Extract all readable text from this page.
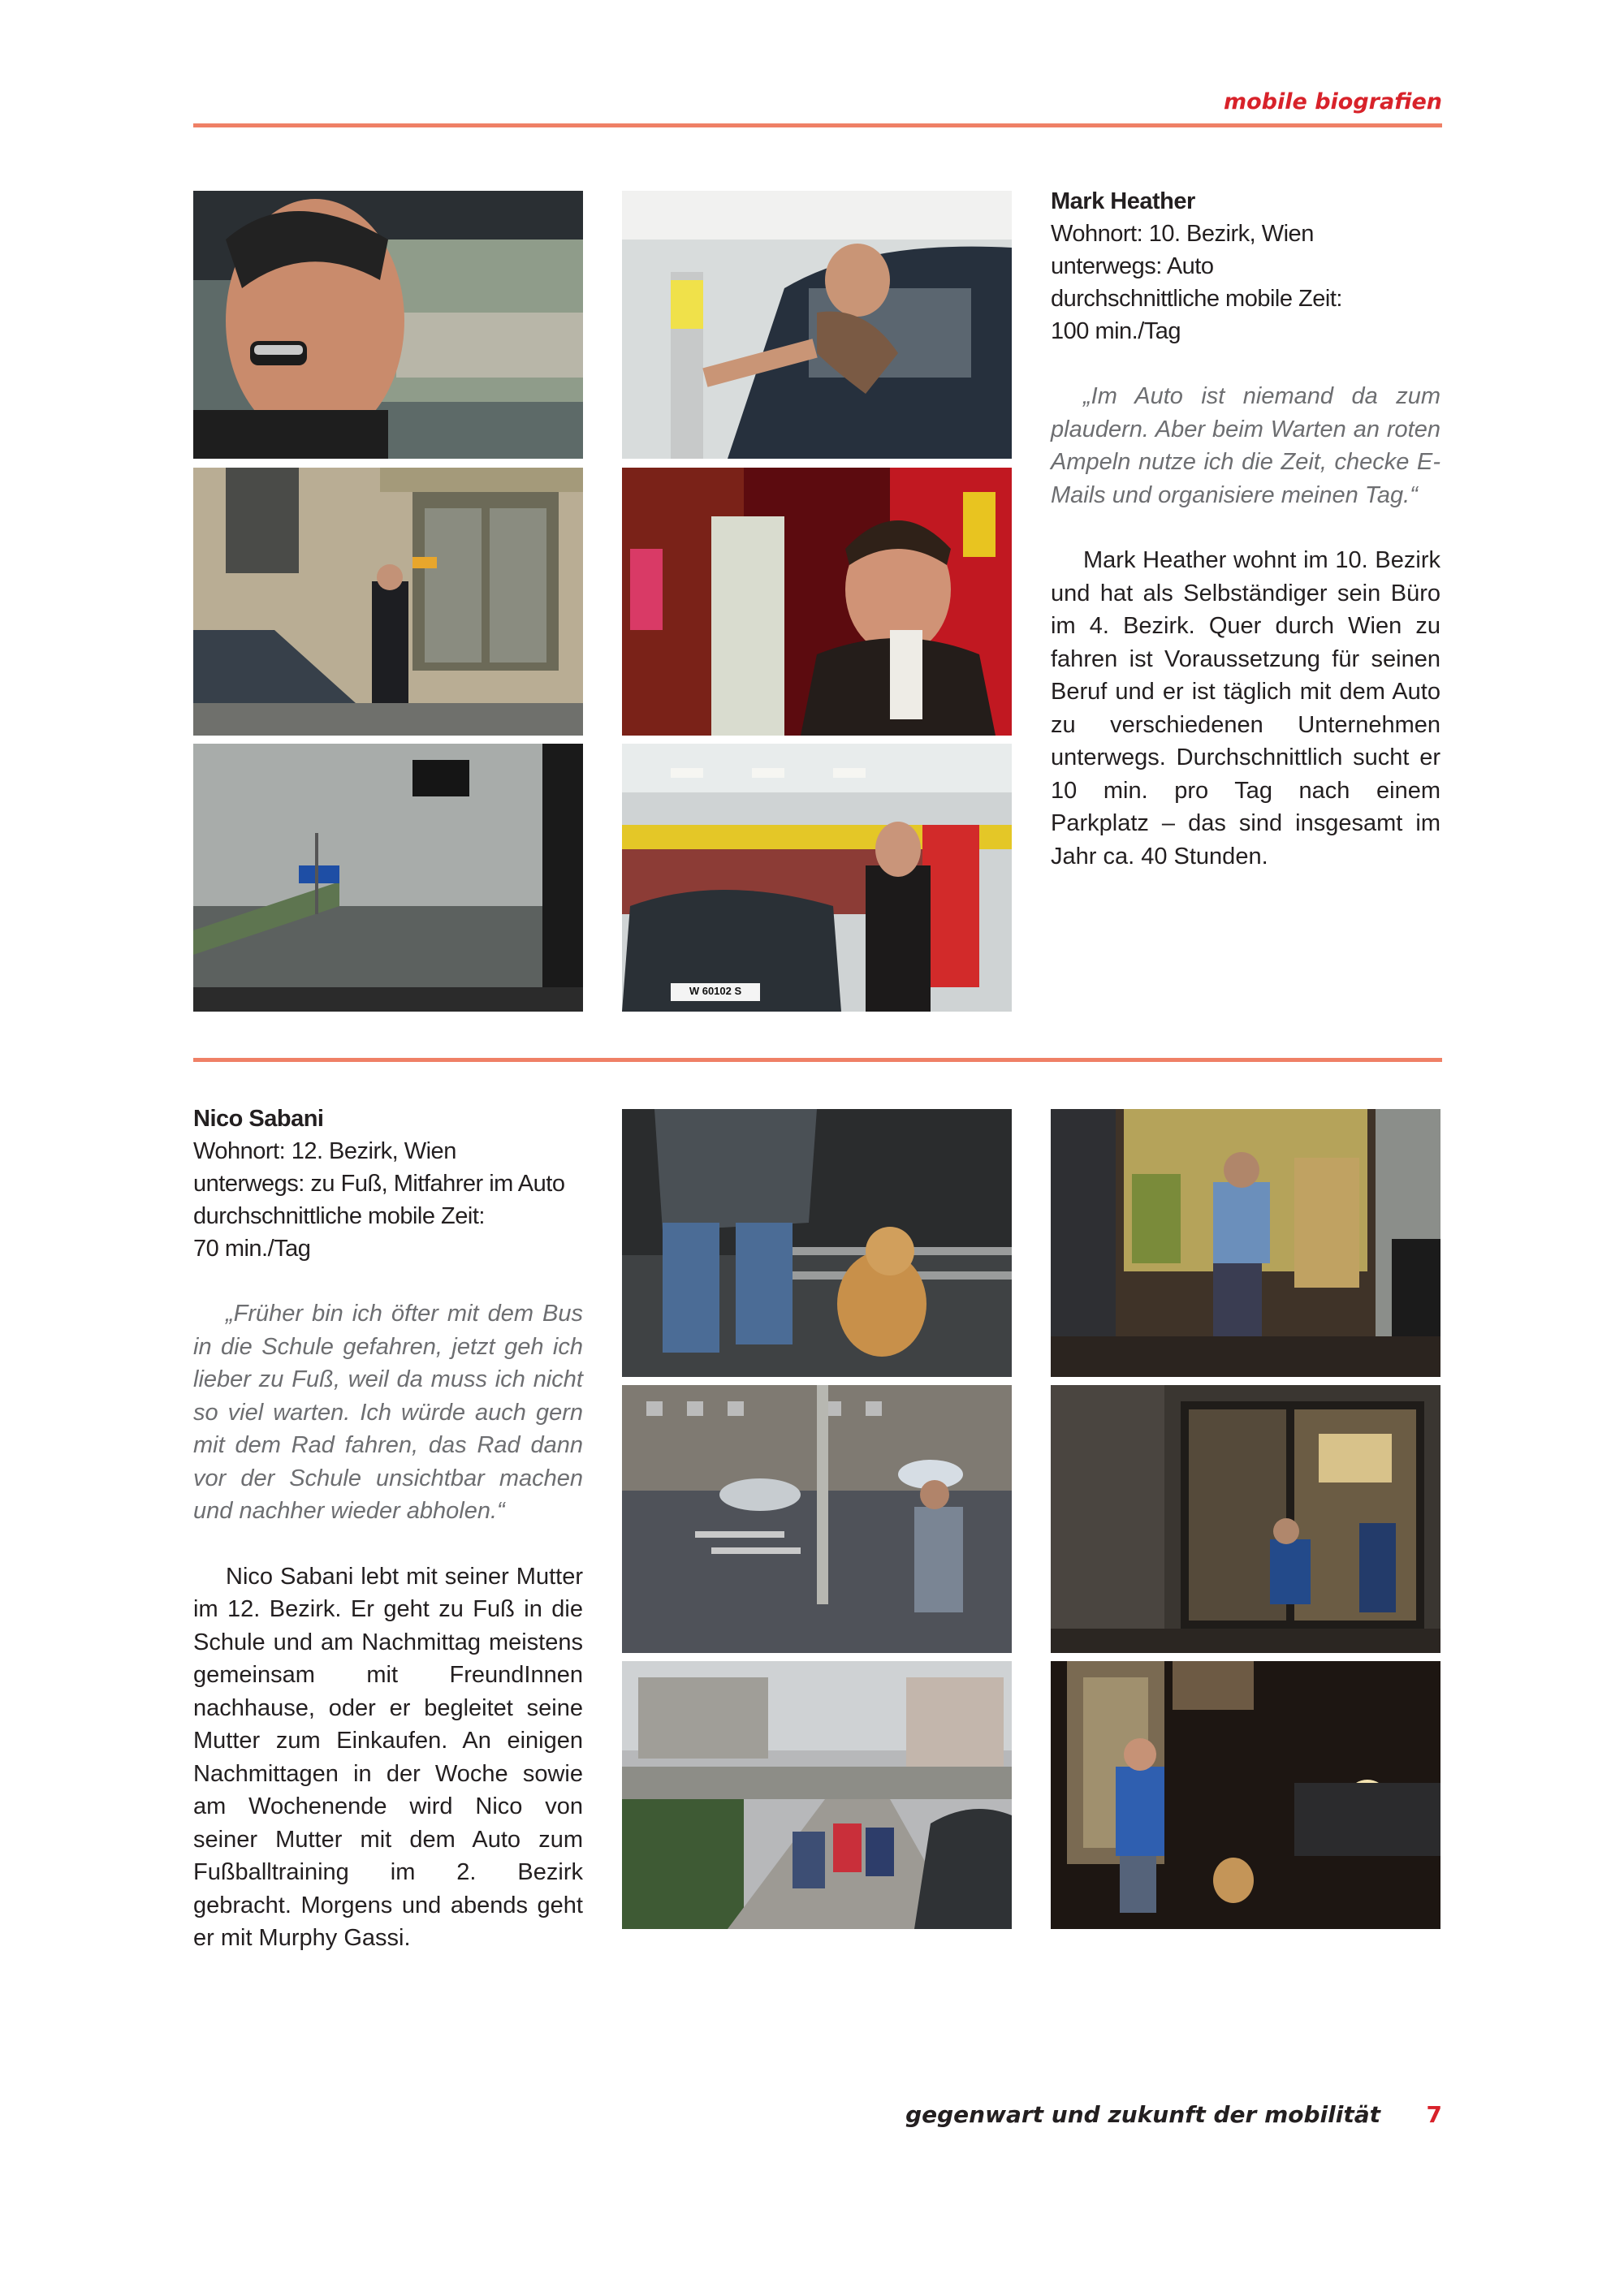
mobile biografien
W 60102 S

Mark Heather

Wohnort: 10. Bezirk, Wien

unterwegs: Auto

durchschnittliche mobile Zeit:

100 min./Tag

„Im Auto ist niemand da zum plaudern. Aber beim Warten an roten Ampeln nutze ich die Zeit, checke E-Mails und organisiere meinen Tag.“

Mark Heather wohnt im 10. Bezirk und hat als Selbständiger sein Büro im 4. Bezirk. Quer durch Wien zu fahren ist Voraussetzung für seinen Beruf und er ist täglich mit dem Auto zu verschiedenen Unternehmen unterwegs. Durchschnittlich sucht er 10 min. pro Tag nach einem Parkplatz – das sind insgesamt im Jahr ca. 40 Stunden.

Nico Sabani

Wohnort: 12. Bezirk, Wien

unterwegs: zu Fuß, Mitfahrer im Auto

durchschnittliche mobile Zeit:

70 min./Tag

„Früher bin ich öfter mit dem Bus in die Schule gefahren, jetzt geh ich lieber zu Fuß, weil da muss ich nicht so viel warten. Ich würde auch gern mit dem Rad fahren, das Rad dann vor der Schule unsichtbar machen und nachher wieder abholen.“

Nico Sabani lebt mit seiner Mutter im 12. Bezirk. Er geht zu Fuß in die Schule und am Nachmittag meistens gemeinsam mit FreundInnen nachhause, oder er begleitet seine Mutter zum Einkaufen. An einigen Nachmittagen in der Woche sowie am Wochenende wird Nico von seiner Mutter mit dem Auto zum Fußballtraining im 2. Bezirk gebracht. Morgens und abends geht er mit Murphy Gassi.

gegenwart und zukunft der mobilität 7
